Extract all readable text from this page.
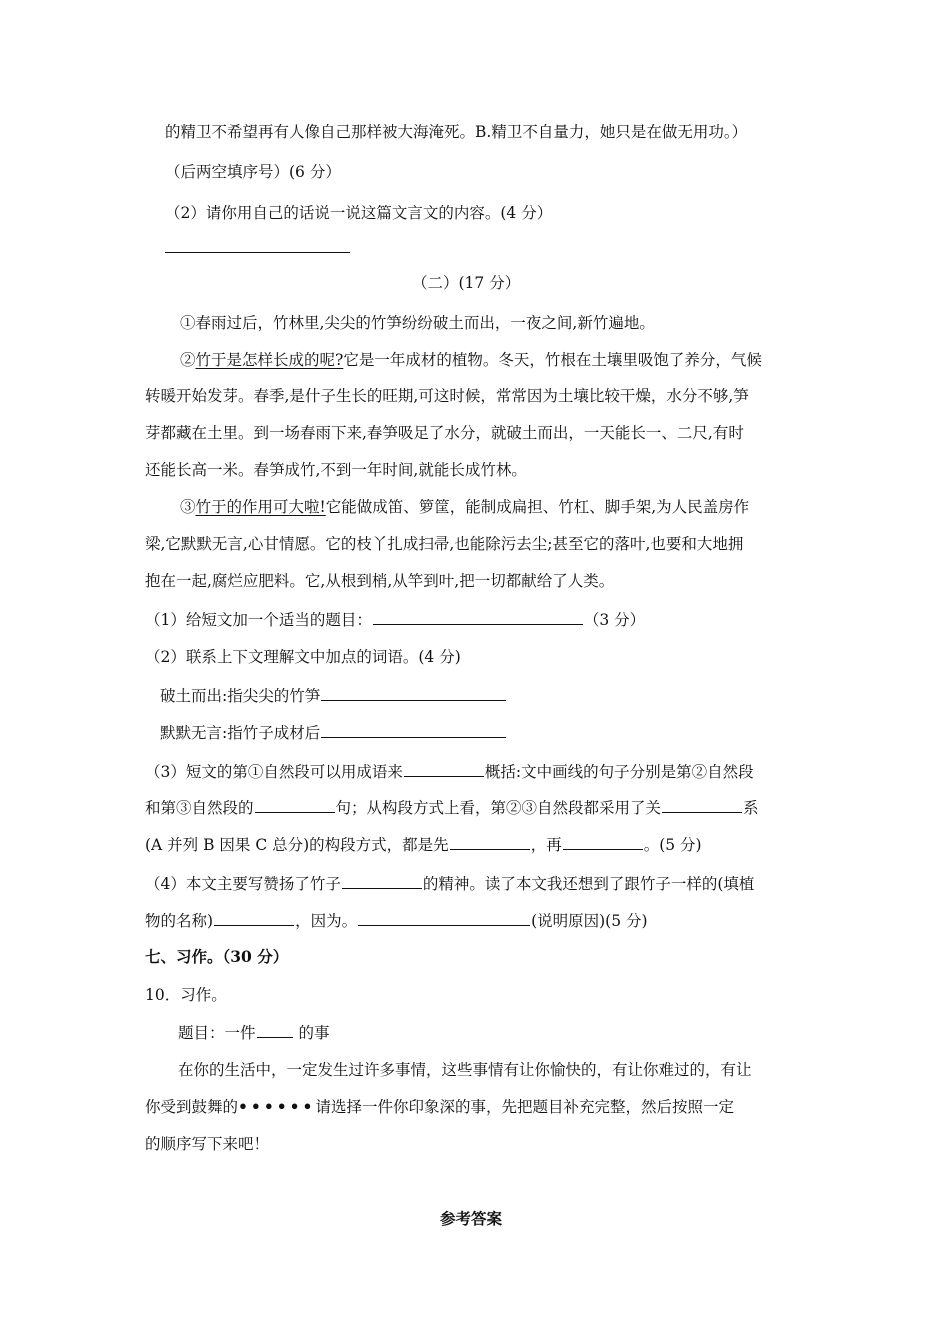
的精卫不希望再有人像自己那样被大海淹死。B.精卫不自量力，她只是在做无用功。）
（后两空填序号）(6 分）
（2）请你用自己的话说一说这篇文言文的内容。(4 分）
（二）(17 分）
①春雨过后，竹林里,尖尖的竹笋纷纷破土而出，一夜之间,新竹遍地。
②竹于是怎样长成的呢?它是一年成材的植物。冬天，竹根在土壤里吸饱了养分，气候
转暖开始发芽。春季,是什子生长的旺期,可这时候，常常因为土壤比较干燥，水分不够,笋
芽都藏在土里。到一场春雨下来,春笋吸足了水分，就破土而出，一天能长一、二尺,有时
还能长高一米。春笋成竹,不到一年时间,就能长成竹林。
③竹于的作用可大啦!它能做成笛、箩筐，能制成扁担、竹杠、脚手架,为人民盖房作
梁,它默默无言,心甘情愿。它的枝丫扎成扫帚,也能除污去尘;甚至它的落叶,也要和大地拥
抱在一起,腐烂应肥料。它,从根到梢,从竿到叶,把一切都献给了人类。
（1）给短文加一个适当的题目：	（3 分）
（2）联系上下文理解文中加点的词语。(4 分)
破土而出:指尖尖的竹笋
默默无言:指竹子成材后
（3）短文的第①自然段可以用成语来	概括:文中画线的句子分别是第②自然段
和第③自然段的	句；从构段方式上看，第②③自然段都采用了关	系
(A 并列 B 因果 C 总分)的构段方式，都是先	，再	。(5 分)
（4）本文主要写赞扬了竹子	的精神。读了本文我还想到了跟竹子一样的(填植
物的名称)	，因为。	(说明原因)(5 分)
七、习作。（30 分）
10．习作。
题目：一件 的事
在你的生活中，一定发生过许多事情，这些事情有让你愉快的，有让你难过的，有让
你受到鼓舞的••••••请选择一件你印象深的事，先把题目补充完整，然后按照一定
的顺序写下来吧！
参考答案
